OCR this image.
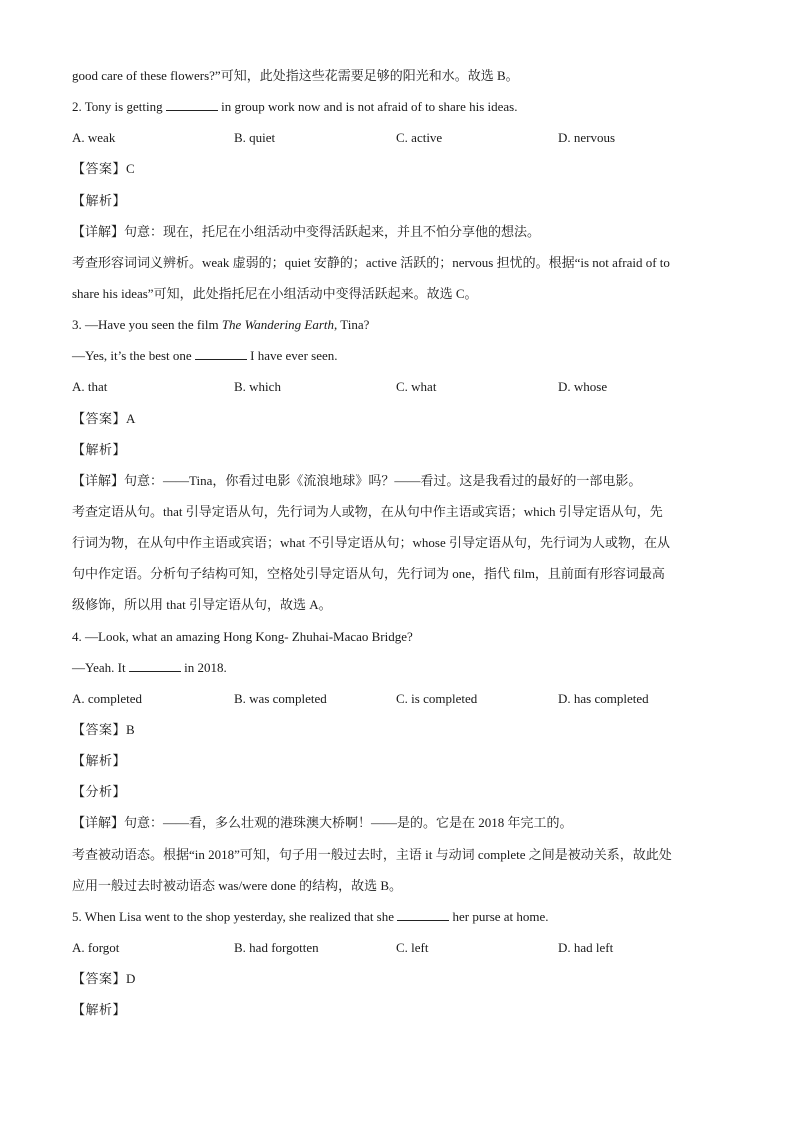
good care of these flowers?”可知，此处指这些花需要足够的阳光和水。故选 B。
2. Tony is getting	in group work now and is not afraid of to share his ideas.
A. weak	B. quiet	C. active	D. nervous
【答案】C
【解析】
【详解】句意：现在，托尼在小组活动中变得活跃起来，并且不怕分享他的想法。
考查形容词词义辨析。weak 虚弱的；quiet 安静的；active 活跃的；nervous 担忧的。根据“is not afraid of to
share his ideas”可知，此处指托尼在小组活动中变得活跃起来。故选 C。
3. —Have you seen the film The Wandering Earth, Tina?
—Yes, it’s the best one	I have ever seen.
A. that	B. which	C. what	D. whose
【答案】A
【解析】
【详解】句意：——Tina，你看过电影《流浪地球》吗？——看过。这是我看过的最好的一部电影。
考查定语从句。that 引导定语从句，先行词为人或物，在从句中作主语或宾语；which 引导定语从句，先
行词为物，在从句中作主语或宾语；what 不引导定语从句；whose 引导定语从句，先行词为人或物，在从
句中作定语。分析句子结构可知，空格处引导定语从句，先行词为 one，指代 film，且前面有形容词最高
级修饰，所以用 that 引导定语从句，故选 A。
4. —Look, what an amazing Hong Kong- Zhuhai-Macao Bridge?
—Yeah. It	in 2018.
A. completed	B. was completed	C. is completed	D. has completed
【答案】B
【解析】
【分析】
【详解】句意：——看，多么壮观的港珠澳大桥啊！——是的。它是在 2018 年完工的。
考查被动语态。根据“in 2018”可知，句子用一般过去时，主语 it 与动词 complete 之间是被动关系，故此处
应用一般过去时被动语态 was/were done 的结构，故选 B。
5. When Lisa went to the shop yesterday, she realized that she	her purse at home.
A. forgot	B. had forgotten	C. left	D. had left
【答案】D
【解析】
